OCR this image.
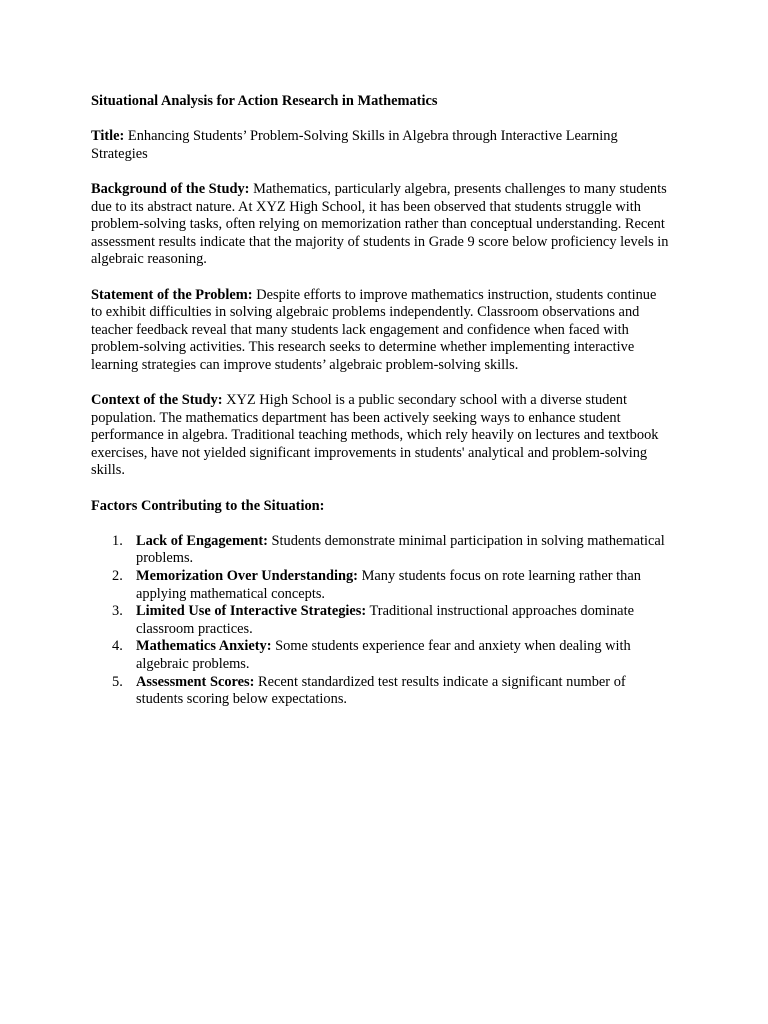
Situational Analysis for Action Research in Mathematics

Title: Enhancing Students’ Problem-Solving Skills in Algebra through Interactive Learning Strategies

Background of the Study: Mathematics, particularly algebra, presents challenges to many students due to its abstract nature. At XYZ High School, it has been observed that students struggle with problem-solving tasks, often relying on memorization rather than conceptual understanding. Recent assessment results indicate that the majority of students in Grade 9 score below proficiency levels in algebraic reasoning.

Statement of the Problem: Despite efforts to improve mathematics instruction, students continue to exhibit difficulties in solving algebraic problems independently. Classroom observations and teacher feedback reveal that many students lack engagement and confidence when faced with problem-solving activities. This research seeks to determine whether implementing interactive learning strategies can improve students’ algebraic problem-solving skills.

Context of the Study: XYZ High School is a public secondary school with a diverse student population. The mathematics department has been actively seeking ways to enhance student performance in algebra. Traditional teaching methods, which rely heavily on lectures and textbook exercises, have not yielded significant improvements in students' analytical and problem-solving skills.

Factors Contributing to the Situation:

1. Lack of Engagement: Students demonstrate minimal participation in solving mathematical problems.
2. Memorization Over Understanding: Many students focus on rote learning rather than applying mathematical concepts.
3. Limited Use of Interactive Strategies: Traditional instructional approaches dominate classroom practices.
4. Mathematics Anxiety: Some students experience fear and anxiety when dealing with algebraic problems.
5. Assessment Scores: Recent standardized test results indicate a significant number of students scoring below expectations.
